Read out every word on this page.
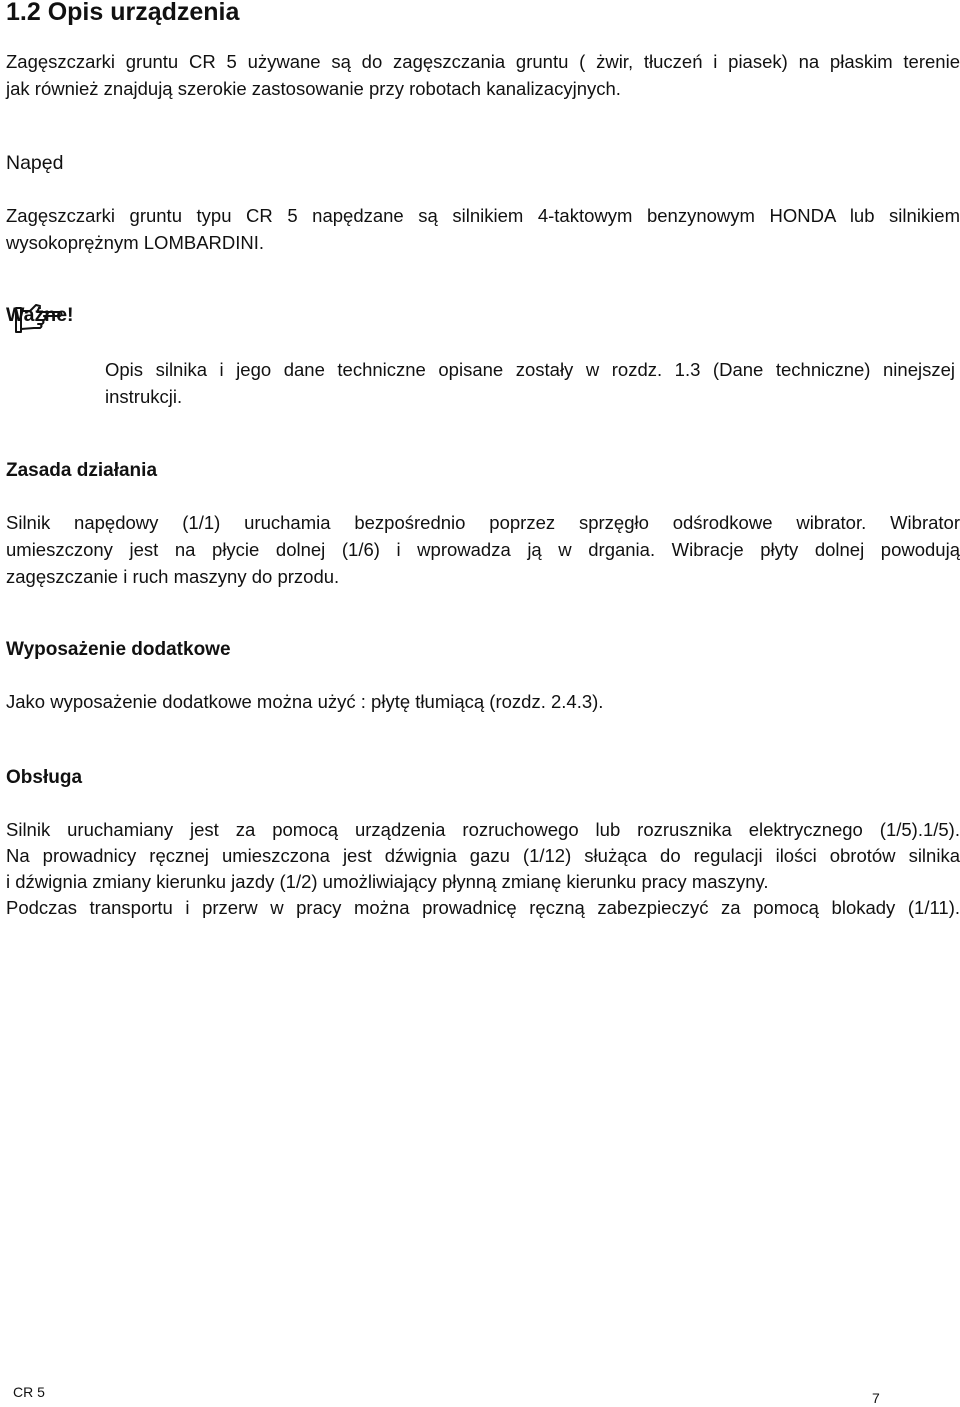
1.2 Opis urządzenia

Zagęszczarki gruntu CR 5 używane są do zagęszczania gruntu ( żwir, tłuczeń i piasek) na płaskim terenie

jak również znajdują szerokie zastosowanie przy robotach kanalizacyjnych.

Napęd

Zagęszczarki gruntu typu CR 5 napędzane są silnikiem 4-taktowym benzynowym HONDA lub silnikiem

wysokoprężnym LOMBARDINI.

Ważne!

Opis silnika i jego dane techniczne opisane zostały w rozdz. 1.3 (Dane techniczne) ninejszej

instrukcji.

Zasada działania

Silnik napędowy (1/1) uruchamia bezpośrednio poprzez sprzęgło odśrodkowe wibrator. Wibrator

umieszczony jest na płycie dolnej (1/6) i wprowadza ją w drgania. Wibracje płyty dolnej powodują

zagęszczanie i ruch maszyny do przodu.

Wyposażenie dodatkowe

Jako wyposażenie dodatkowe można użyć : płytę tłumiącą (rozdz. 2.4.3).

Obsługa

Silnik uruchamiany jest za pomocą urządzenia rozruchowego lub rozrusznika elektrycznego (1/5).1/5).

Na prowadnicy ręcznej umieszczona jest dźwignia gazu (1/12) służąca do regulacji ilości obrotów silnika

i dźwignia zmiany kierunku jazdy (1/2) umożliwiający płynną zmianę kierunku pracy maszyny.

Podczas transportu i przerw w pracy można prowadnicę ręczną zabezpieczyć za pomocą blokady (1/11).

CR 5	7
